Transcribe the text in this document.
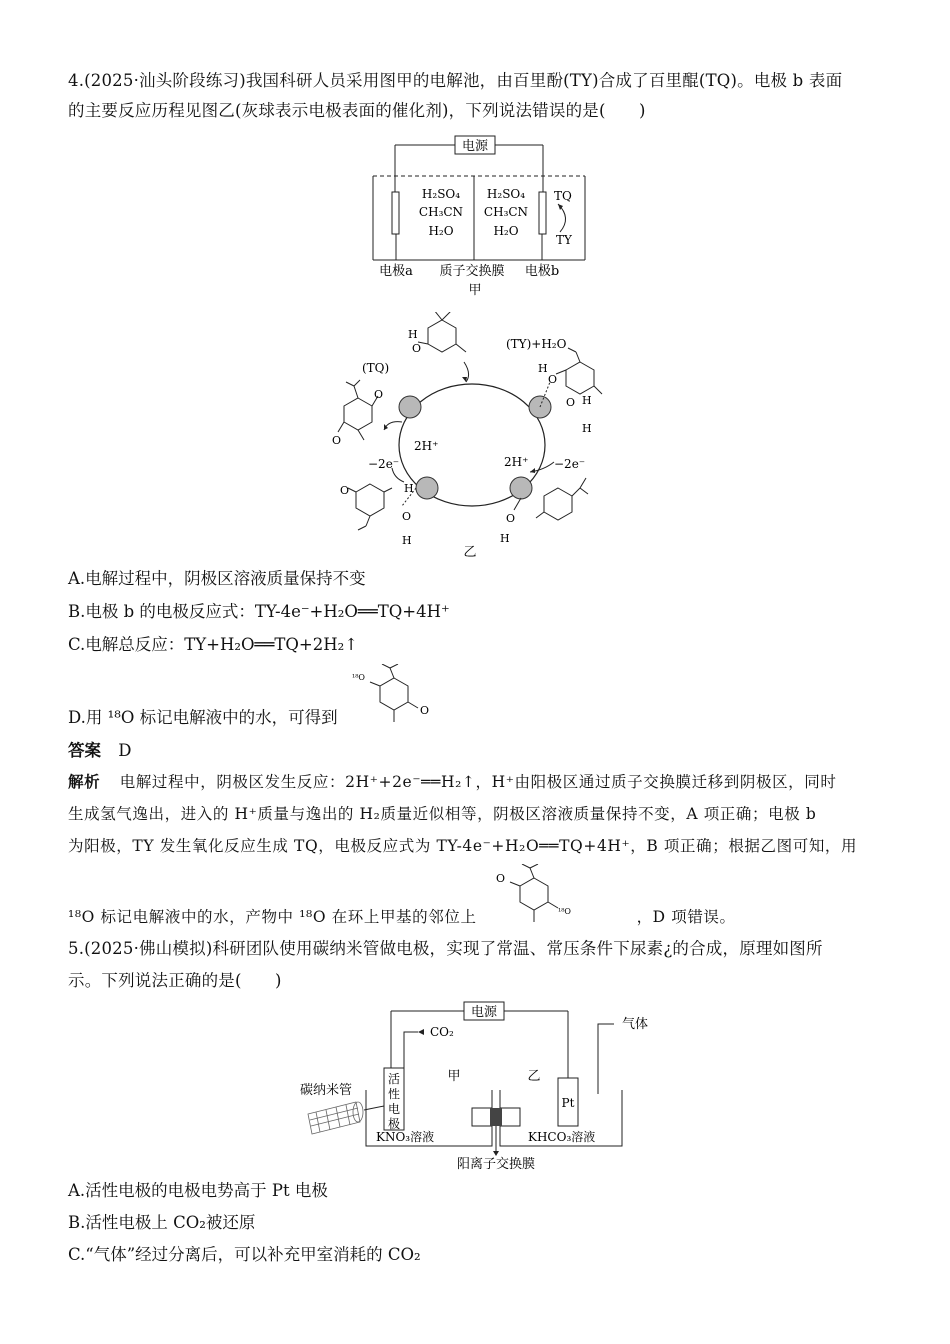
4.(2025·汕头阶段练习)我国科研人员采用图甲的电解池，由百里酚(TY)合成了百里醌(TQ)。电极 b 表面
的主要反应历程见图乙(灰球表示电极表面的催化剂)，下列说法错误的是(　　)
电源
H₂SO₄
CH₃CN
H₂O
H₂SO₄
CH₃CN
H₂O
TQ
TY
电极a 质子交换膜 电极b
甲
H
O	(TY)+H₂O
H
O
O H
H
(TQ)
O
O	2H⁺
2H⁺
−2e⁻	−2e⁻
O	H
O
H
O
H
乙
A.电解过程中，阴极区溶液质量保持不变
B.电极 b 的电极反应式：TY-4e⁻+H₂O══TQ+4H⁺
C.电解总反应：TY+H₂O══TQ+2H₂↑
D.用 ¹⁸O 标记电解液中的水，可得到
¹⁸O
O
答案 D
解析 电解过程中，阴极区发生反应：2H⁺+2e⁻══H₂↑，H⁺由阳极区通过质子交换膜迁移到阴极区，同时
生成氢气逸出，进入的 H⁺质量与逸出的 H₂质量近似相等，阴极区溶液质量保持不变，A 项正确；电极 b
为阳极，TY 发生氧化反应生成 TQ，电极反应式为 TY-4e⁻+H₂O══TQ+4H⁺，B 项正确；根据乙图可知，用
¹⁸O 标记电解液中的水，产物中 ¹⁸O 在环上甲基的邻位上	，D 项错误。
O
¹⁸O
5.(2025·佛山模拟)科研团队使用碳纳米管做电极，实现了常温、常压条件下尿素¿的合成，原理如图所
示。下列说法正确的是(　　)
电源
CO₂	气体
活
性
电
极
Pt
甲	乙
碳纳米管
KNO₃溶液	KHCO₃溶液
阳离子交换膜
A.活性电极的电极电势高于 Pt 电极
B.活性电极上 CO₂被还原
C.“气体”经过分离后，可以补充甲室消耗的 CO₂
